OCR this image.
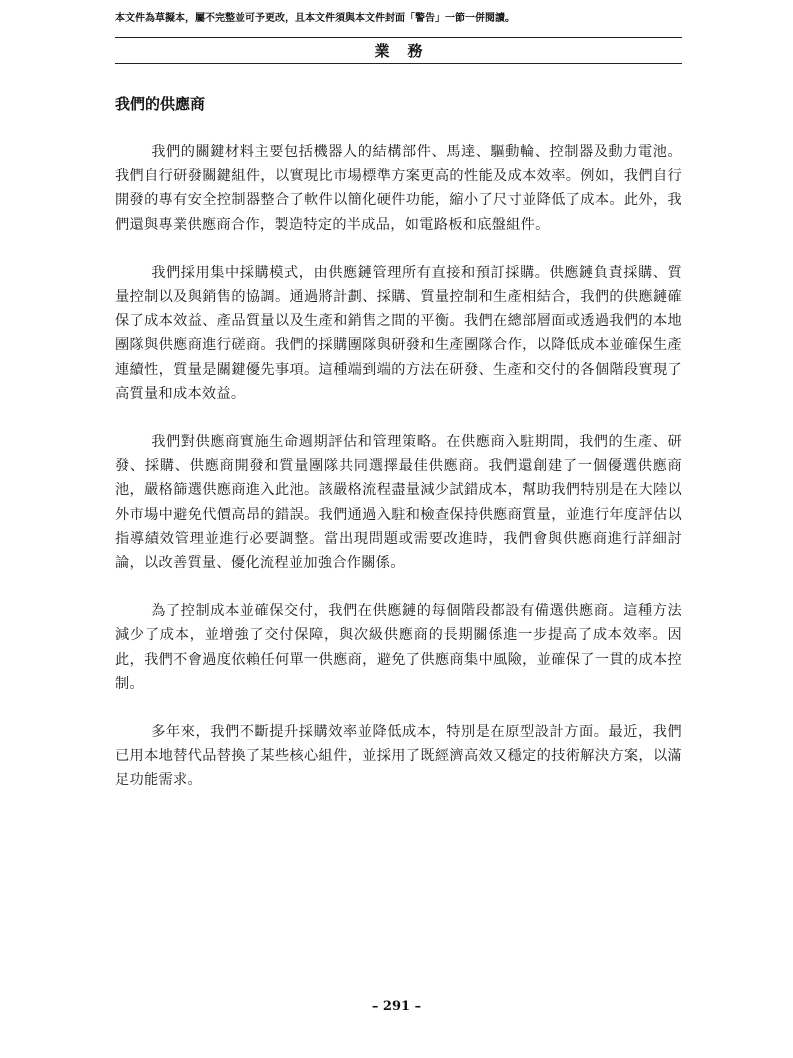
本文件為草擬本，屬不完整並可予更改，且本文件須與本文件封面「警告」一節一併閱讀。
業務
我們的供應商

我們的關鍵材料主要包括機器人的結構部件、馬達、驅動輪、控制器及動力電池。我們自行研發關鍵組件，以實現比市場標準方案更高的性能及成本效率。例如，我們自行開發的專有安全控制器整合了軟件以簡化硬件功能，縮小了尺寸並降低了成本。此外，我們還與專業供應商合作，製造特定的半成品，如電路板和底盤組件。

我們採用集中採購模式，由供應鏈管理所有直接和預訂採購。供應鏈負責採購、質量控制以及與銷售的協調。通過將計劃、採購、質量控制和生產相結合，我們的供應鏈確保了成本效益、產品質量以及生產和銷售之間的平衡。我們在總部層面或透過我們的本地團隊與供應商進行磋商。我們的採購團隊與研發和生產團隊合作，以降低成本並確保生產連續性，質量是關鍵優先事項。這種端到端的方法在研發、生產和交付的各個階段實現了高質量和成本效益。

我們對供應商實施生命週期評估和管理策略。在供應商入駐期間，我們的生產、研發、採購、供應商開發和質量團隊共同選擇最佳供應商。我們還創建了一個優選供應商池，嚴格篩選供應商進入此池。該嚴格流程盡量減少試錯成本，幫助我們特別是在大陸以外市場中避免代價高昂的錯誤。我們通過入駐和檢查保持供應商質量，並進行年度評估以指導績效管理並進行必要調整。當出現問題或需要改進時，我們會與供應商進行詳細討論，以改善質量、優化流程並加強合作關係。

為了控制成本並確保交付，我們在供應鏈的每個階段都設有備選供應商。這種方法減少了成本，並增強了交付保障，與次級供應商的長期關係進一步提高了成本效率。因此，我們不會過度依賴任何單一供應商，避免了供應商集中風險，並確保了一貫的成本控制。

多年來，我們不斷提升採購效率並降低成本，特別是在原型設計方面。最近，我們已用本地替代品替換了某些核心組件，並採用了既經濟高效又穩定的技術解決方案，以滿足功能需求。

– 291 –
